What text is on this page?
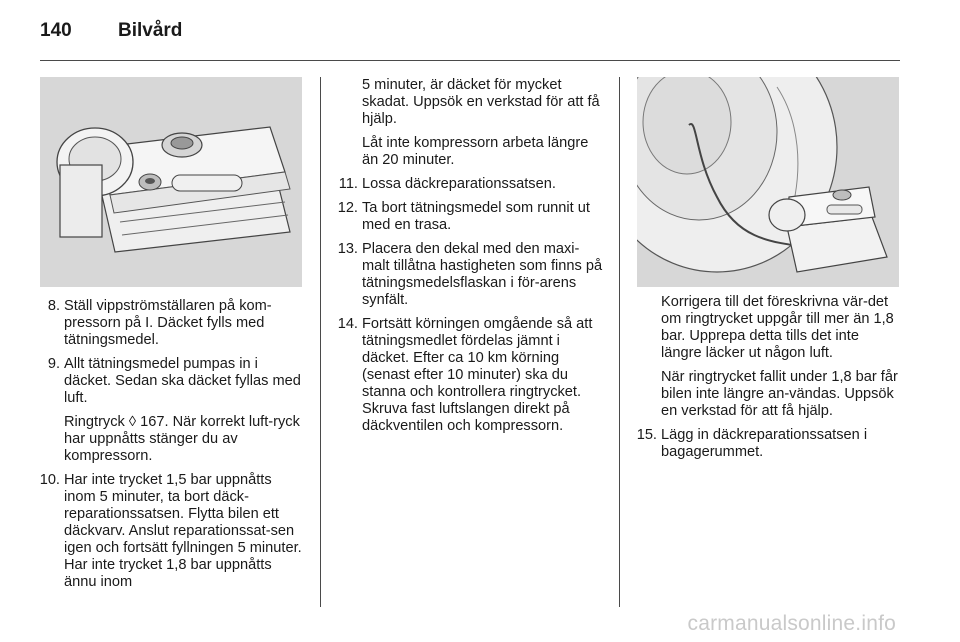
140 Bilvård
8. Ställ vippströmställaren på kom-pressorn på I. Däcket fylls med tätningsmedel.

9. Allt tätningsmedel pumpas in i däcket. Sedan ska däcket fyllas med luft.

Ringtryck ◊ 167. När korrekt luft-ryck har uppnåtts stänger du av kompressorn.

10. Har inte trycket 1,5 bar uppnåtts inom 5 minuter, ta bort däck-reparationssatsen. Flytta bilen ett däckvarv. Anslut reparationssat-sen igen och fortsätt fyllningen 5 minuter. Har inte trycket 1,8 bar uppnåtts ännu inom

5 minuter, är däcket för mycket skadat. Uppsök en verkstad för att få hjälp.

Låt inte kompressorn arbeta längre än 20 minuter.

11. Lossa däckreparationssatsen.

12. Ta bort tätningsmedel som runnit ut med en trasa.

13. Placera den dekal med den maxi-malt tillåtna hastigheten som finns på tätningsmedelsflaskan i för-arens synfält.

14. Fortsätt körningen omgående så att tätningsmedlet fördelas jämnt i däcket. Efter ca 10 km körning (senast efter 10 minuter) ska du stanna och kontrollera ringtrycket. Skruva fast luftslangen direkt på däckventilen och kompressorn.

Korrigera till det föreskrivna vär-det om ringtrycket uppgår till mer än 1,8 bar. Upprepa detta tills det inte längre läcker ut någon luft.

När ringtrycket fallit under 1,8 bar får bilen inte längre an-vändas. Uppsök en verkstad för att få hjälp.

15. Lägg in däckreparationssatsen i bagagerummet.

carmanualsonline.info
